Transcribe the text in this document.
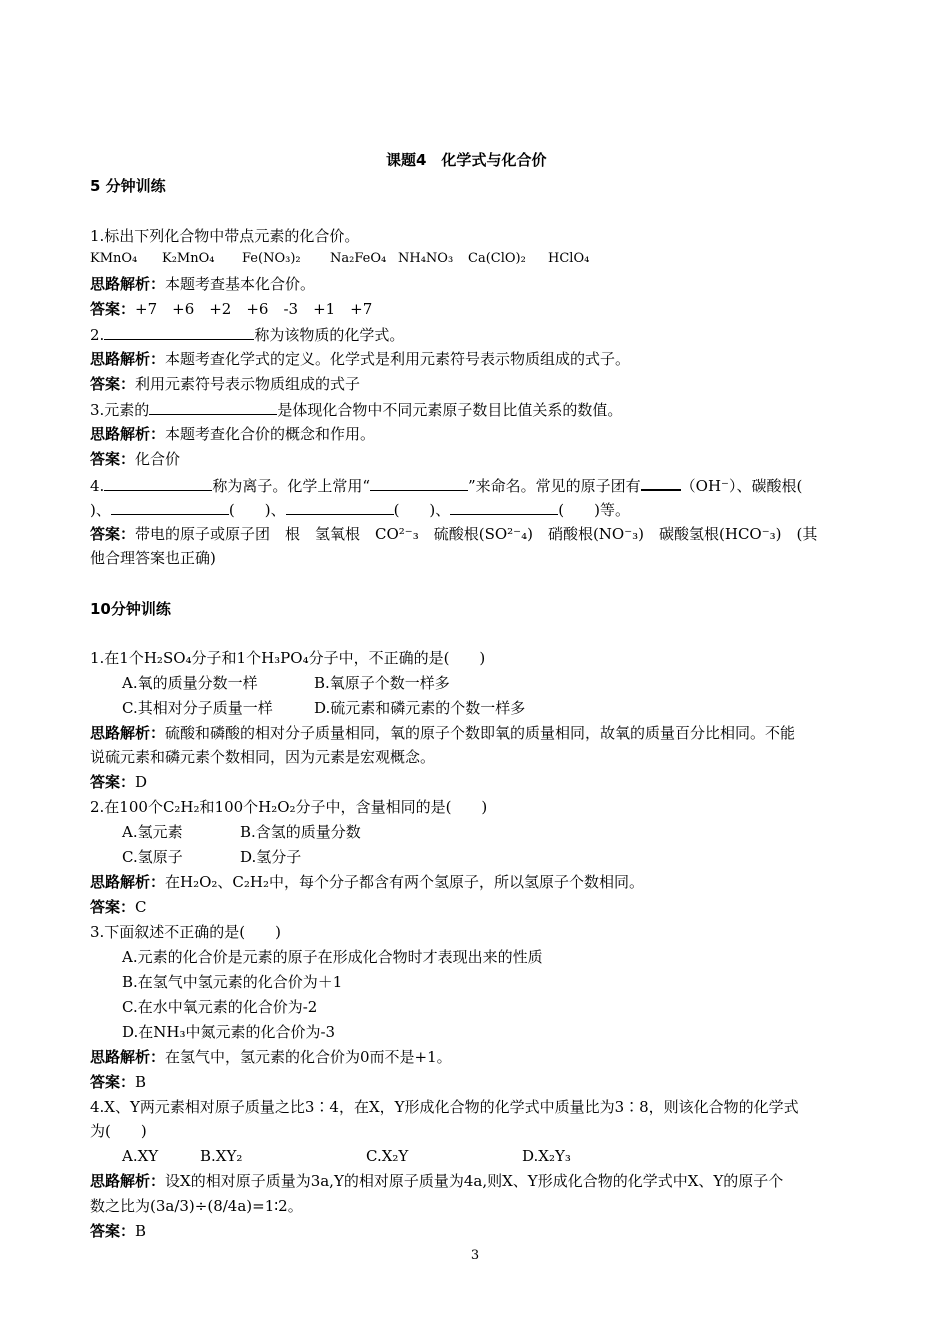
课题4　化学式与化合价
5 分钟训练
1.标出下列化合物中带点元素的化合价。
KMnO₄ K₂MnO₄ Fe(NO₃)₂ Na₂FeO₄ NH₄NO₃ Ca(ClO)₂ HClO₄
思路解析：本题考查基本化合价。
答案：+7　+6　+2　+6　-3　+1　+7
2.	称为该物质的化学式。
思路解析：本题考查化学式的定义。化学式是利用元素符号表示物质组成的式子。
答案：利用元素符号表示物质组成的式子
3.元素的	是体现化合物中不同元素原子数目比值关系的数值。
思路解析：本题考查化合价的概念和作用。
答案：化合价
4.	称为离子。化学上常用“	”来命名。常见的原子团有	（OH⁻）、碳酸根(
)、	(　　)、	(　　)、	(　　)等。
答案：带电的原子或原子团　根　氢氧根　CO²⁻₃　硫酸根(SO²⁻₄)　硝酸根(NO⁻₃)　碳酸氢根(HCO⁻₃)　(其
他合理答案也正确)
10分钟训练
1.在1个H₂SO₄分子和1个H₃PO₄分子中，不正确的是(　　)
A.氧的质量分数一样	B.氧原子个数一样多
C.其相对分子质量一样	D.硫元素和磷元素的个数一样多
思路解析：硫酸和磷酸的相对分子质量相同，氧的原子个数即氧的质量相同，故氧的质量百分比相同。不能
说硫元素和磷元素个数相同，因为元素是宏观概念。
答案：D
2.在100个C₂H₂和100个H₂O₂分子中，含量相同的是(　　)
A.氢元素	B.含氢的质量分数
C.氢原子	D.氢分子
思路解析：在H₂O₂、C₂H₂中，每个分子都含有两个氢原子，所以氢原子个数相同。
答案：C
3.下面叙述不正确的是(　　)
A.元素的化合价是元素的原子在形成化合物时才表现出来的性质
B.在氢气中氢元素的化合价为＋1
C.在水中氧元素的化合价为-2
D.在NH₃中氮元素的化合价为-3
思路解析：在氢气中，氢元素的化合价为0而不是+1。
答案：B
4.X、Y两元素相对原子质量之比3∶4，在X，Y形成化合物的化学式中质量比为3∶8，则该化合物的化学式
为(　　)
A.XY	B.XY₂	C.X₂Y	D.X₂Y₃
思路解析：设X的相对原子质量为3a,Y的相对原子质量为4a,则X、Y形成化合物的化学式中X、Y的原子个
数之比为(3a/3)÷(8/4a)=1∶2。
答案：B
3
